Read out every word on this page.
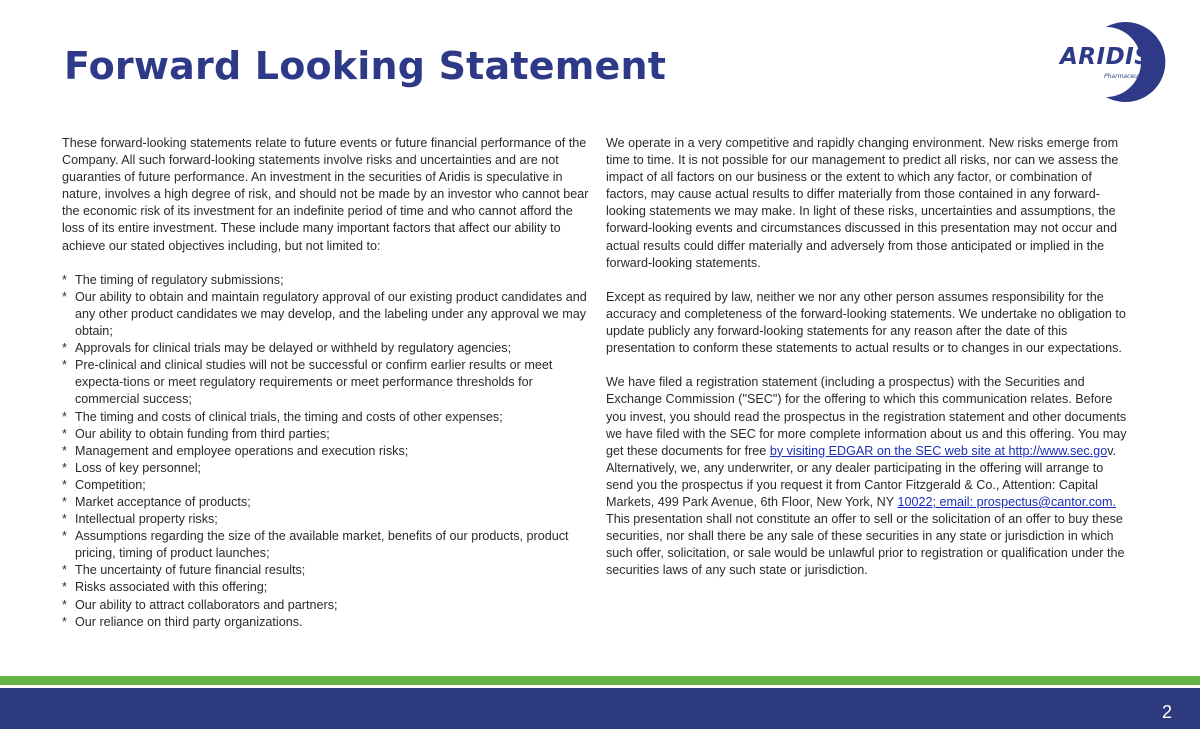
Forward Looking Statement	ARIDIS
Pharmaceuticals

These forward-looking statements relate to future events or future financial performance of the Company. All such forward-looking statements involve risks and uncertainties and are not guaranties of future performance. An investment in the securities of Aridis is speculative in nature, involves a high degree of risk, and should not be made by an investor who cannot bear the economic risk of its investment for an indefinite period of time and who cannot afford the loss of its entire investment. These include many important factors that affect our ability to achieve our stated objectives including, but not limited to:

* The timing of regulatory submissions;
* Our ability to obtain and maintain regulatory approval of our existing product candidates and any other product candidates we may develop, and the labeling under any approval we may obtain;
* Approvals for clinical trials may be delayed or withheld by regulatory agencies;
* Pre-clinical and clinical studies will not be successful or confirm earlier results or meet expecta-tions or meet regulatory requirements or meet performance thresholds for commercial success;
* The timing and costs of clinical trials, the timing and costs of other expenses;
* Our ability to obtain funding from third parties;
* Management and employee operations and execution risks;
* Loss of key personnel;
* Competition;
* Market acceptance of products;
* Intellectual property risks;
* Assumptions regarding the size of the available market, benefits of our products, product pricing, timing of product launches;
* The uncertainty of future financial results;
* Risks associated with this offering;
* Our ability to attract collaborators and partners;
* Our reliance on third party organizations.

We operate in a very competitive and rapidly changing environment. New risks emerge from time to time. It is not possible for our management to predict all risks, nor can we assess the impact of all factors on our business or the extent to which any factor, or combination of factors, may cause actual results to differ materially from those contained in any forward-looking statements we may make. In light of these risks, uncertainties and assumptions, the forward-looking events and circumstances discussed in this presentation may not occur and actual results could differ materially and adversely from those anticipated or implied in the forward-looking statements.

Except as required by law, neither we nor any other person assumes responsibility for the accuracy and completeness of the forward-looking statements. We undertake no obligation to update publicly any forward-looking statements for any reason after the date of this presentation to conform these statements to actual results or to changes in our expectations.

We have filed a registration statement (including a prospectus) with the Securities and Exchange Commission ("SEC") for the offering to which this communication relates. Before you invest, you should read the prospectus in the registration statement and other documents we have filed with the SEC for more complete information about us and this offering. You may get these documents for free by visiting EDGAR on the SEC web site at http://www.sec.gov. Alternatively, we, any underwriter, or any dealer participating in the offering will arrange to send you the prospectus if you request it from Cantor Fitzgerald & Co., Attention: Capital Markets, 499 Park Avenue, 6th Floor, New York, NY 10022; email: prospectus@cantor.com. This presentation shall not constitute an offer to sell or the solicitation of an offer to buy these securities, nor shall there be any sale of these securities in any state or jurisdiction in which such offer, solicitation, or sale would be unlawful prior to registration or qualification under the securities laws of any such state or jurisdiction.

2
